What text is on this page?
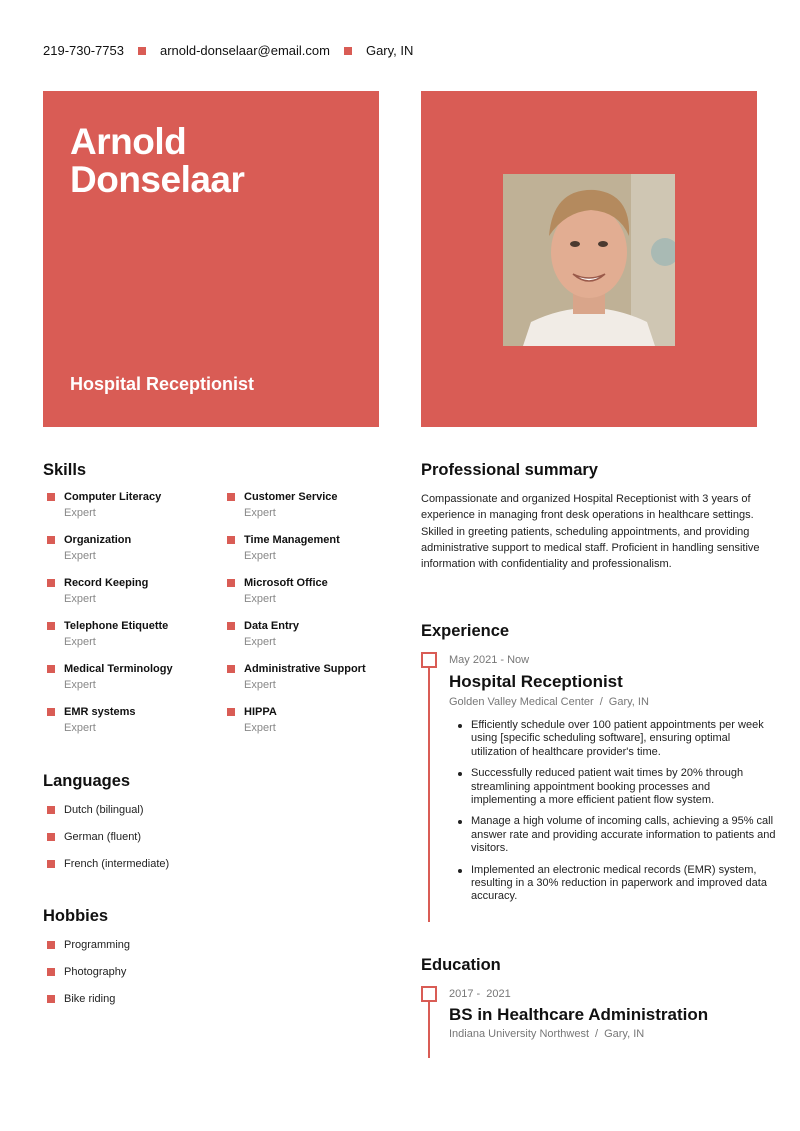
219-730-7753	arnold-donselaar@email.com	Gary, IN
Arnold
Donselaar
Hospital Receptionist
Skills
Computer Literacy
Expert
Customer Service
Expert
Organization
Expert
Time Management
Expert
Record Keeping
Expert
Microsoft Office
Expert
Telephone Etiquette
Expert
Data Entry
Expert
Medical Terminology
Expert
Administrative Support
Expert
EMR systems
Expert
HIPPA
Expert
Languages
Dutch (bilingual)
German (fluent)
French (intermediate)
Hobbies
Programming
Photography
Bike riding
Professional summary
Compassionate and organized Hospital Receptionist with 3 years of experience in managing front desk operations in healthcare settings. Skilled in greeting patients, scheduling appointments, and providing administrative support to medical staff. Proficient in handling sensitive information with confidentiality and professionalism.
Experience
May 2021 - Now
Hospital Receptionist
Golden Valley Medical Center / Gary, IN
Efficiently schedule over 100 patient appointments per week using [specific scheduling software], ensuring optimal utilization of healthcare provider's time.
Successfully reduced patient wait times by 20% through streamlining appointment booking processes and implementing a more efficient patient flow system.
Manage a high volume of incoming calls, achieving a 95% call answer rate and providing accurate information to patients and visitors.
Implemented an electronic medical records (EMR) system, resulting in a 30% reduction in paperwork and improved data accuracy.
Education
2017 -  2021
BS in Healthcare Administration
Indiana University Northwest / Gary, IN
